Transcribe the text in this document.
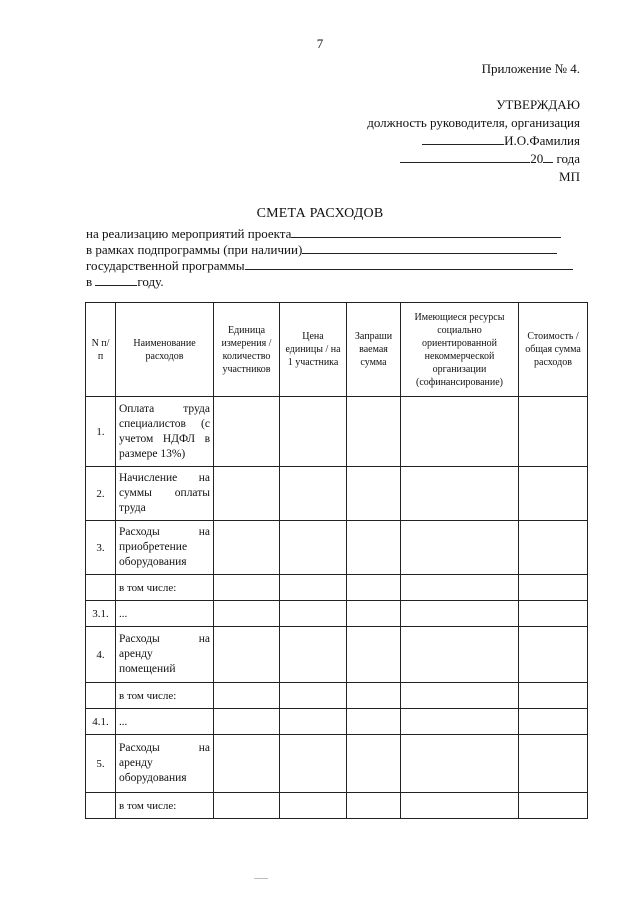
7
Приложение № 4.
УТВЕРЖДАЮ
должность руководителя, организация
И.О.Фамилия
20 года
МП
СМЕТА РАСХОДОВ
на реализацию мероприятий проекта
в рамках подпрограммы (при наличии)
государственной программы
в	году.
N п/п	Наименование расходов	Единица измерения / количество участников	Цена единицы / на 1 участника	Запраши ваемая сумма	Имеющиеся ресурсы социально ориентированной некоммерческой организации (софинансирование)	Стоимость / общая сумма расходов
1.	Оплата труда специалистов (с учетом НДФЛ в размере 13%)					
2.	Начисление на суммы оплаты труда					
3.	Расходы на приобретение оборудования					
	в том числе:					
3.1.	...					
4.	Расходы на аренду помещений					
	в том числе:					
4.1.	...					
5.	Расходы на аренду оборудования					
	в том числе:					
